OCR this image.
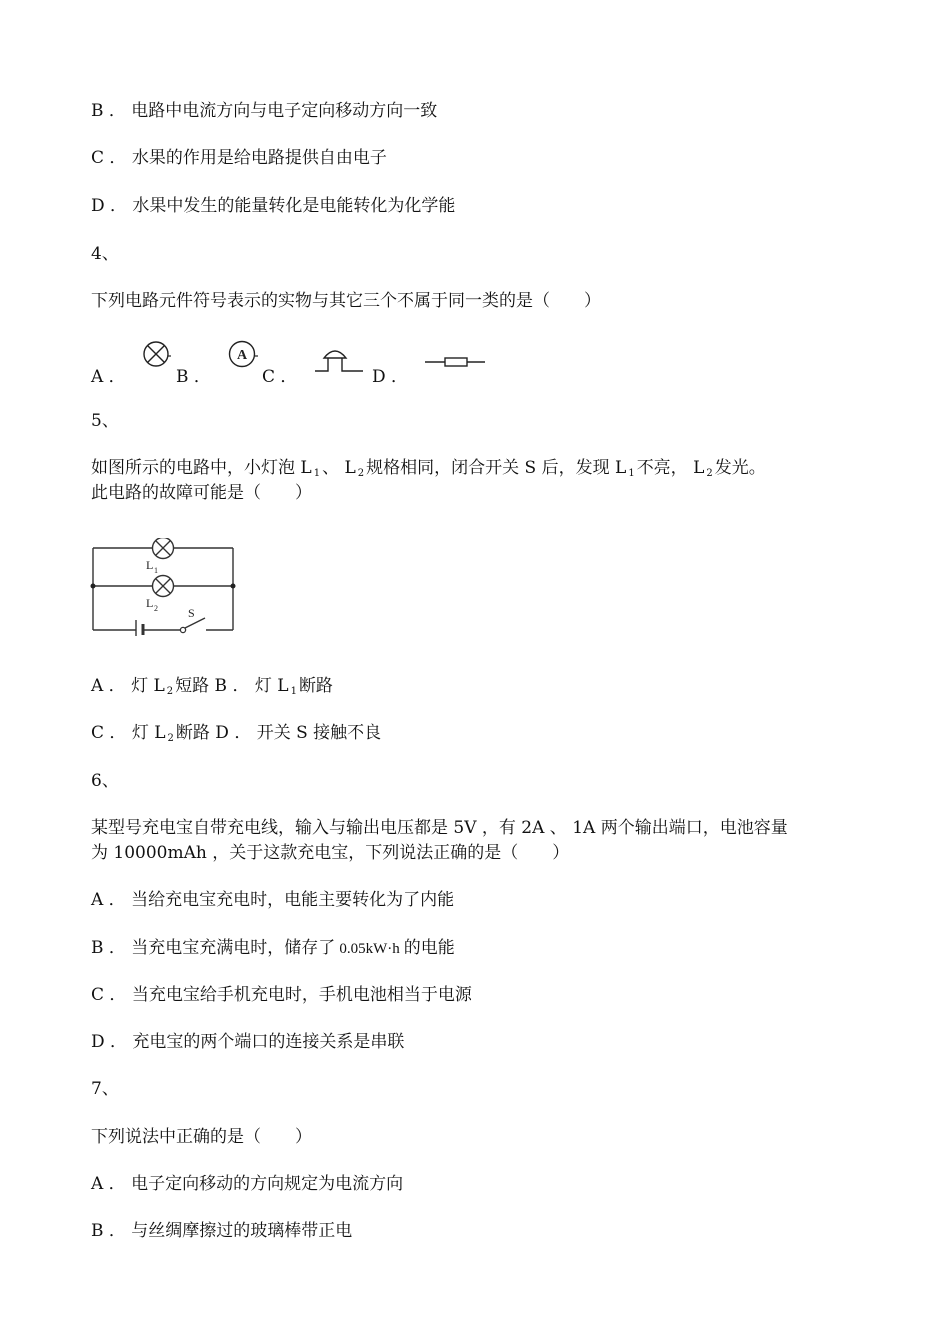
B ． 电路中电流方向与电子定向移动方向一致
C ． 水果的作用是给电路提供自由电子
D ． 水果中发生的能量转化是电能转化为化学能
4、
下列电路元件符号表示的实物与其它三个不属于同一类的是（　　）
A ．	B ．
A
C ．	D ．
5、
如图所示的电路中，小灯泡 L $_1$ 、 L $_2$ 规格相同，闭合开关 S 后，发现 L $_1$ 不亮， L $_2$ 发光。
此电路的故障可能是（　　）
L 1
L 2	S
A ． 灯 L $_2$ 短路 B ． 灯 L $_1$ 断路
C ． 灯 L $_2$ 断路 D ． 开关 S 接触不良
6、
某型号充电宝自带充电线，输入与输出电压都是 5V ，有 2A 、 1A 两个输出端口，电池容量
为 10000mAh ，关于这款充电宝，下列说法正确的是（　　）
A ． 当给充电宝充电时，电能主要转化为了内能
B ． 当充电宝充满电时，储存了 0.05kW·h 的电能
C ． 当充电宝给手机充电时，手机电池相当于电源
D ． 充电宝的两个端口的连接关系是串联
7、
下列说法中正确的是（　　）
A ． 电子定向移动的方向规定为电流方向
B ． 与丝绸摩擦过的玻璃棒带正电
